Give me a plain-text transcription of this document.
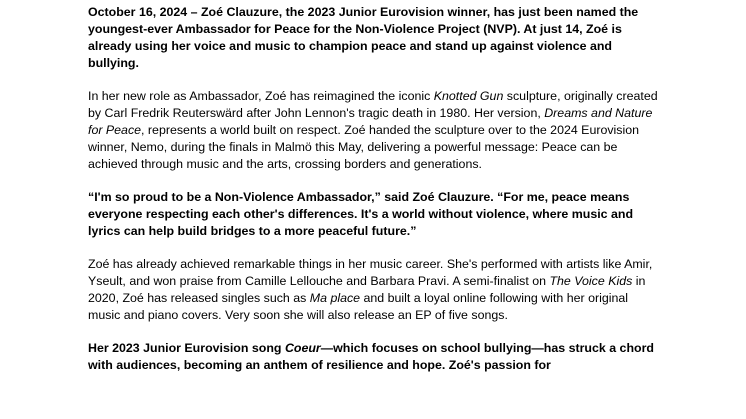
October 16, 2024 – Zoé Clauzure, the 2023 Junior Eurovision winner, has just been named the youngest-ever Ambassador for Peace for the Non-Violence Project (NVP). At just 14, Zoé is already using her voice and music to champion peace and stand up against violence and bullying.

In her new role as Ambassador, Zoé has reimagined the iconic Knotted Gun sculpture, originally created by Carl Fredrik Reuterswärd after John Lennon's tragic death in 1980. Her version, Dreams and Nature for Peace, represents a world built on respect. Zoé handed the sculpture over to the 2024 Eurovision winner, Nemo, during the finals in Malmö this May, delivering a powerful message: Peace can be achieved through music and the arts, crossing borders and generations.

“I'm so proud to be a Non-Violence Ambassador,” said Zoé Clauzure. “For me, peace means everyone respecting each other's differences. It's a world without violence, where music and lyrics can help build bridges to a more peaceful future.”

Zoé has already achieved remarkable things in her music career. She's performed with artists like Amir, Yseult, and won praise from Camille Lellouche and Barbara Pravi. A semi-finalist on The Voice Kids in 2020, Zoé has released singles such as Ma place and built a loyal online following with her original music and piano covers. Very soon she will also release an EP of five songs.

Her 2023 Junior Eurovision song Coeur—which focuses on school bullying—has struck a chord with audiences, becoming an anthem of resilience and hope. Zoé's passion for
